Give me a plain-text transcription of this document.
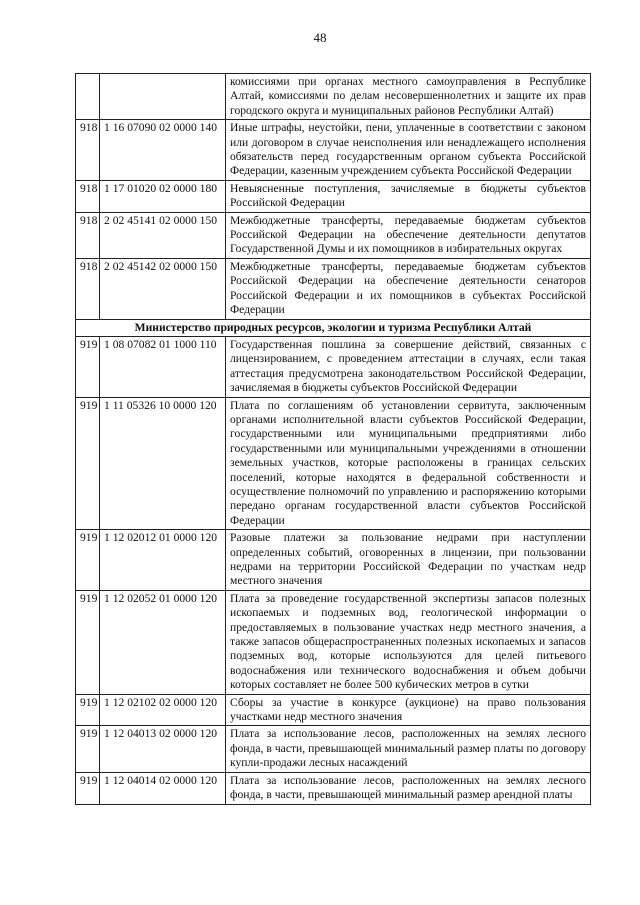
48
		комиссиями при органах местного самоуправления в Республике Алтай, комиссиями по делам несовершеннолетних и защите их прав городского округа и муниципальных районов Республики Алтай)
918	1 16 07090 02 0000 140	Иные штрафы, неустойки, пени, уплаченные в соответствии с законом или договором в случае неисполнения или ненадлежащего исполнения обязательств перед государственным органом субъекта Российской Федерации, казенным учреждением субъекта Российской Федерации
918	1 17 01020 02 0000 180	Невыясненные поступления, зачисляемые в бюджеты субъектов Российской Федерации
918	2 02 45141 02 0000 150	Межбюджетные трансферты, передаваемые бюджетам субъектов Российской Федерации на обеспечение деятельности депутатов Государственной Думы и их помощников в избирательных округах
918	2 02 45142 02 0000 150	Межбюджетные трансферты, передаваемые бюджетам субъектов Российской Федерации на обеспечение деятельности сенаторов Российской Федерации и их помощников в субъектах Российской Федерации
Министерство природных ресурсов, экологии и туризма Республики Алтай		
919	1 08 07082 01 1000 110	Государственная пошлина за совершение действий, связанных с лицензированием, с проведением аттестации в случаях, если такая аттестация предусмотрена законодательством Российской Федерации, зачисляемая в бюджеты субъектов Российской Федерации
919	1 11 05326 10 0000 120	Плата по соглашениям об установлении сервитута, заключенным органами исполнительной власти субъектов Российской Федерации, государственными или муниципальными предприятиями либо государственными или муниципальными учреждениями в отношении земельных участков, которые расположены в границах сельских поселений, которые находятся в федеральной собственности и осуществление полномочий по управлению и распоряжению которыми передано органам государственной власти субъектов Российской Федерации
919	1 12 02012 01 0000 120	Разовые платежи за пользование недрами при наступлении определенных событий, оговоренных в лицензии, при пользовании недрами на территории Российской Федерации по участкам недр местного значения
919	1 12 02052 01 0000 120	Плата за проведение государственной экспертизы запасов полезных ископаемых и подземных вод, геологической информации о предоставляемых в пользование участках недр местного значения, а также запасов общераспространенных полезных ископаемых и запасов подземных вод, которые используются для целей питьевого водоснабжения или технического водоснабжения и объем добычи которых составляет не более 500 кубических метров в сутки
919	1 12 02102 02 0000 120	Сборы за участие в конкурсе (аукционе) на право пользования участками недр местного значения
919	1 12 04013 02 0000 120	Плата за использование лесов, расположенных на землях лесного фонда, в части, превышающей минимальный размер платы по договору купли-продажи лесных насаждений
919	1 12 04014 02 0000 120	Плата за использование лесов, расположенных на землях лесного фонда, в части, превышающей минимальный размер арендной платы
